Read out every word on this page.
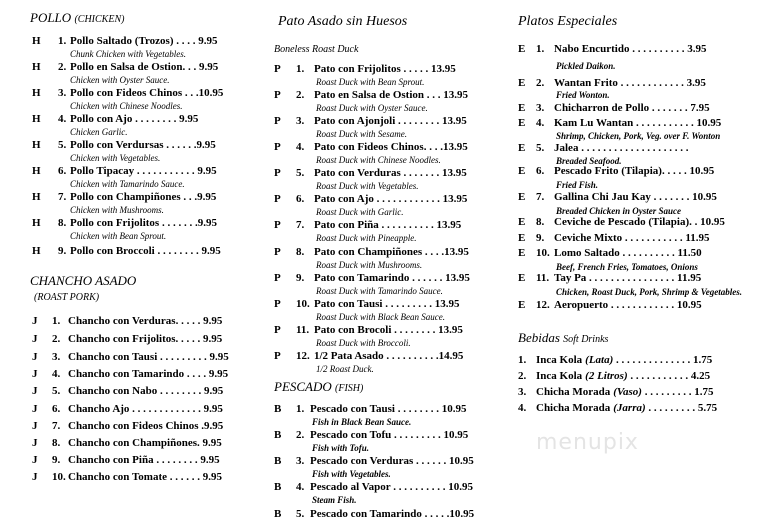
POLLO (CHICKEN)
H 1. Pollo Saltado (Trozos) . . . . 9.95
Chunk Chicken with Vegetables.
H 2. Pollo en Salsa de Ostion. . . 9.95
Chicken with Oyster Sauce.
H 3. Pollo con Fideos Chinos . . .10.95
Chicken with Chinese Noodles.
H 4. Pollo con Ajo . . . . . . . . 9.95
Chicken Garlic.
H 5. Pollo con Verdursas . . . . . .9.95
Chicken with Vegetables.
H 6. Pollo Tipacay . . . . . . . . . . . 9.95
Chicken with Tamarindo Sauce.
H 7. Pollo con Champiñones . . .9.95
Chicken with Mushrooms.
H 8. Pollo con Frijolitos . . . . . . .9.95
Chicken with Bean Sprout.
H 9. Pollo con Broccoli . . . . . . . . 9.95
CHANCHO ASADO
(ROAST PORK)
J 1. Chancho con Verduras. . . . . 9.95
J 2. Chancho con Frijolitos. . . . . 9.95
J 3. Chancho con Tausi . . . . . . . . . 9.95
J 4. Chancho con Tamarindo . . . . 9.95
J 5. Chancho con Nabo . . . . . . . . 9.95
J 6. Chancho Ajo . . . . . . . . . . . . . 9.95
J 7. Chancho con Fideos Chinos .9.95
J 8. Chancho con Champiñones. 9.95
J 9. Chancho con Piña . . . . . . . . 9.95
J 10. Chancho con Tomate . . . . . . 9.95
Pato Asado sin Huesos
Boneless Roast Duck
P 1. Pato con Frijolitos . . . . . 13.95
Roast Duck with Bean Sprout.
P 2. Pato en Salsa de Ostion . . . 13.95
Roast Duck with Oyster Sauce.
P 3. Pato con Ajonjoli . . . . . . . . 13.95
Roast Duck with Sesame.
P 4. Pato con Fideos Chinos. . . .13.95
Roast Duck with Chinese Noodles.
P 5. Pato con Verduras . . . . . . . 13.95
Roast Duck with Vegetables.
P 6. Pato con Ajo . . . . . . . . . . . . 13.95
Roast Duck with Garlic.
P 7. Pato con Piña . . . . . . . . . . 13.95
Roast Duck with Pineapple.
P 8. Pato con Champiñones . . . .13.95
Roast Duck with Mushrooms.
P 9. Pato con Tamarindo . . . . . . 13.95
Roast Duck with Tamarindo Sauce.
P 10. Pato con Tausi . . . . . . . . . 13.95
Roast Duck with Black Bean Sauce.
P 11. Pato con Brocoli . . . . . . . . 13.95
Roast Duck with Broccoli.
P 12. 1/2 Pata Asado . . . . . . . . . .14.95
1/2 Roast Duck.
PESCADO (FISH)
B 1. Pescado con Tausi . . . . . . . . 10.95
Fish in Black Bean Sauce.
B 2. Pescado con Tofu . . . . . . . . . 10.95
Fish with Tofu.
B 3. Pescado con Verduras . . . . . . 10.95
Fish with Vegetables.
B 4. Pescado al Vapor . . . . . . . . . . 10.95
Steam Fish.
B 5. Pescado con Tamarindo . . . . .10.95
Platos Especiales
E 1. Nabo Encurtido . . . . . . . . . . 3.95
Pickled Daikon.
E 2. Wantan Frito . . . . . . . . . . . . 3.95
Fried Wonton.
E 3. Chicharron de Pollo . . . . . . . 7.95
E 4. Kam Lu Wantan . . . . . . . . . . . 10.95
Shrimp, Chicken, Pork, Veg. over F. Wonton
E 5. Jalea . . . . . . . . . . . . . . . . . . . .
Breaded Seafood.
E 6. Pescado Frito (Tilapia). . . . . 10.95
Fried Fish.
E 7. Gallina Chi Jau Kay . . . . . . . 10.95
Breaded Chicken in Oyster Sauce
E 8. Ceviche de Pescado (Tilapia). . 10.95
E 9. Ceviche Mixto . . . . . . . . . . . 11.95
E 10. Lomo Saltado . . . . . . . . . . 11.50
Beef, French Fries, Tomatoes, Onions
E 11. Tay Pa . . . . . . . . . . . . . . . . 11.95
Chicken, Roast Duck, Pork, Shrimp & Vegetables.
E 12. Aeropuerto . . . . . . . . . . . . 10.95
Bebidas Soft Drinks
1. Inca Kola (Lata) . . . . . . . . . . . . . . 1.75
2. Inca Kola (2 Litros) . . . . . . . . . . . 4.25
3. Chicha Morada (Vaso) . . . . . . . . . 1.75
4. Chicha Morada (Jarra) . . . . . . . . . 5.75
menupix
